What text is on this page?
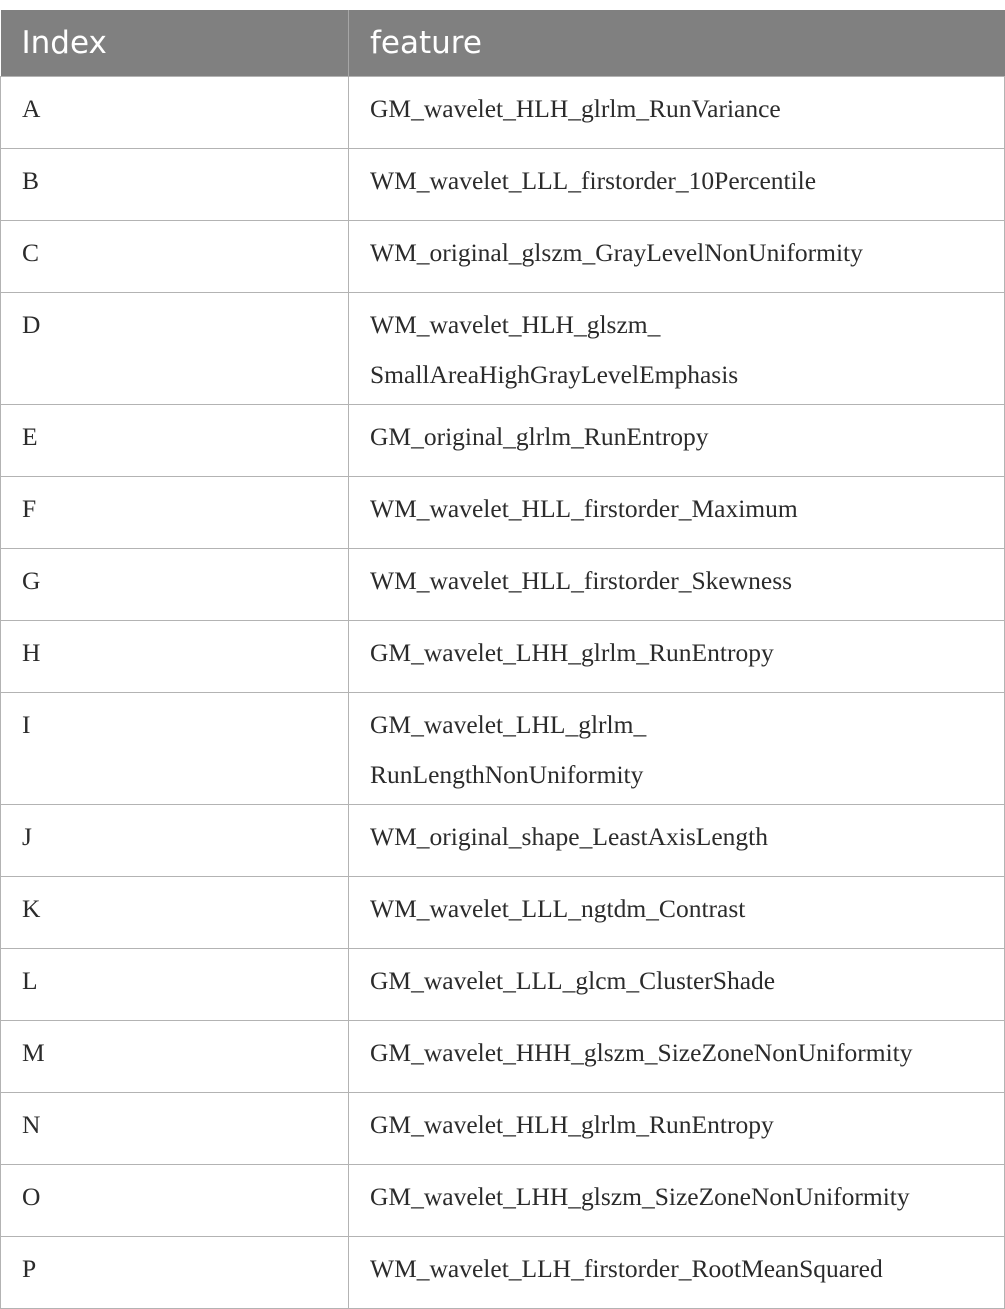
Index	feature
A	GM_wavelet_HLH_glrlm_RunVariance

B	WM_wavelet_LLL_firstorder_10Percentile

C	WM_original_glszm_GrayLevelNonUniformity

D	WM_wavelet_HLH_glszm_
SmallAreaHighGrayLevelEmphasis

E	GM_original_glrlm_RunEntropy

F	WM_wavelet_HLL_firstorder_Maximum

G	WM_wavelet_HLL_firstorder_Skewness

H	GM_wavelet_LHH_glrlm_RunEntropy

I	GM_wavelet_LHL_glrlm_
RunLengthNonUniformity

J	WM_original_shape_LeastAxisLength

K	WM_wavelet_LLL_ngtdm_Contrast

L	GM_wavelet_LLL_glcm_ClusterShade

M	GM_wavelet_HHH_glszm_SizeZoneNonUniformity

N	GM_wavelet_HLH_glrlm_RunEntropy

O	GM_wavelet_LHH_glszm_SizeZoneNonUniformity

P	WM_wavelet_LLH_firstorder_RootMeanSquared
